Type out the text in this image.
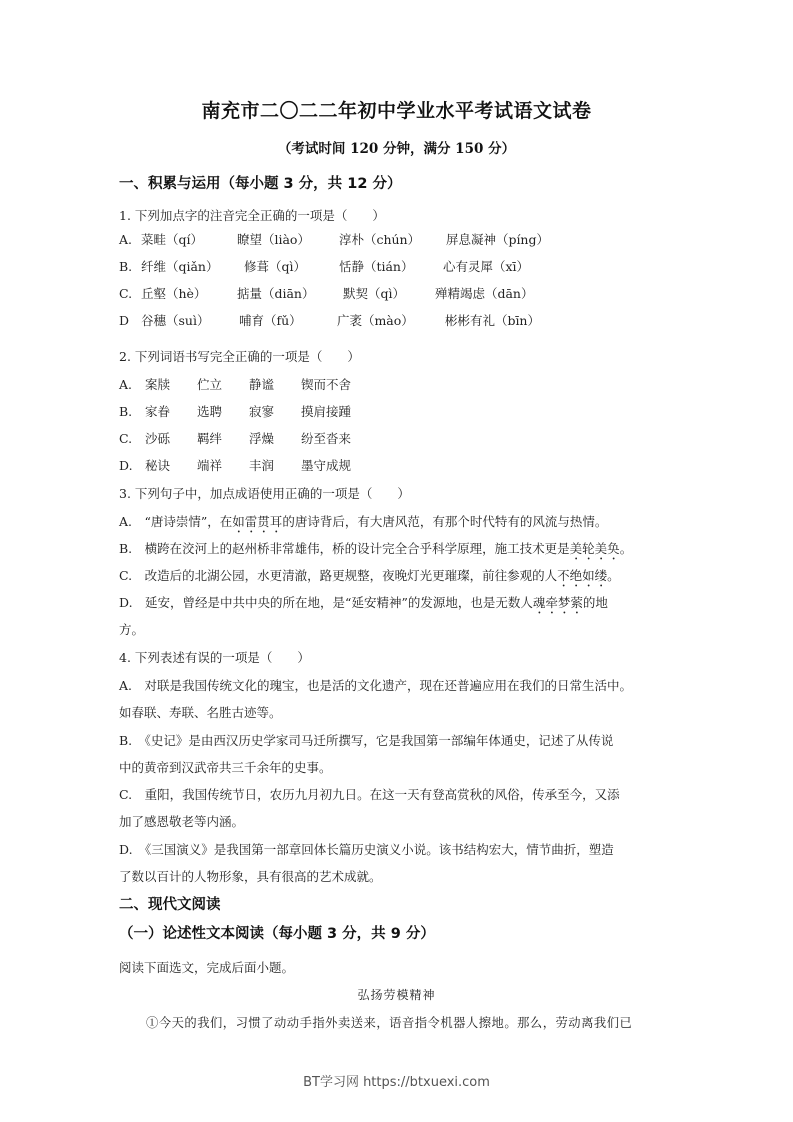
南充市二〇二二年初中学业水平考试语文试卷
（考试时间 120 分钟，满分 150 分）
一、积累与运用（每小题 3 分，共 12 分）
1. 下列加点字的注音完全正确的一项是（　　）
A. 菜畦（qí）	瞭望（liào） 淳朴（chún） 屏息凝神（píng）
B. 纤维（qiǎn） 修葺（qì）	恬静（tián） 心有灵犀（xī）
C. 丘壑（hè） 掂量（diān） 默契（qì） 殚精竭虑（dān）
D 谷穗（suì） 哺育（fǔ）	广袤（mào） 彬彬有礼（bīn）
2. 下列词语书写完全正确的一项是（　　）
A. 案牍 伫立 静谧 锲而不舍
B. 家眷 选聘 寂寥 摸肩接踵
C. 沙砾 羁绊 浮燥 纷至沓来
D. 秘诀 端祥 丰润 墨守成规
3. 下列句子中，加点成语使用正确的一项是（　　）
A.　“唐诗崇情”，在如雷贯耳的唐诗背后，有大唐风范，有那个时代特有的风流与热情。
B.　横跨在洨河上的赵州桥非常雄伟，桥的设计完全合乎科学原理，施工技术更是美轮美奂。
C.　改造后的北湖公园，水更清澈，路更规整，夜晚灯光更璀璨，前往参观的人不绝如缕。
D.　延安，曾经是中共中央的所在地，是“延安精神”的发源地，也是无数人魂牵梦萦的地
方。
4. 下列表述有误的一项是（　　）
A.　对联是我国传统文化的瑰宝，也是活的文化遗产，现在还普遍应用在我们的日常生活中。
如春联、寿联、名胜古迹等。
B.　《史记》是由西汉历史学家司马迁所撰写，它是我国第一部编年体通史，记述了从传说
中的黄帝到汉武帝共三千余年的史事。
C.　重阳，我国传统节日，农历九月初九日。在这一天有登高赏秋的风俗，传承至今，又添
加了感恩敬老等内涵。
D.　《三国演义》是我国第一部章回体长篇历史演义小说。该书结构宏大，情节曲折，塑造
了数以百计的人物形象，具有很高的艺术成就。
二、现代文阅读
（一）论述性文本阅读（每小题 3 分，共 9 分）
阅读下面选文，完成后面小题。
弘扬劳模精神
①今天的我们，习惯了动动手指外卖送来，语音指令机器人擦地。那么，劳动离我们已
BT学习网 https://btxuexi.com
